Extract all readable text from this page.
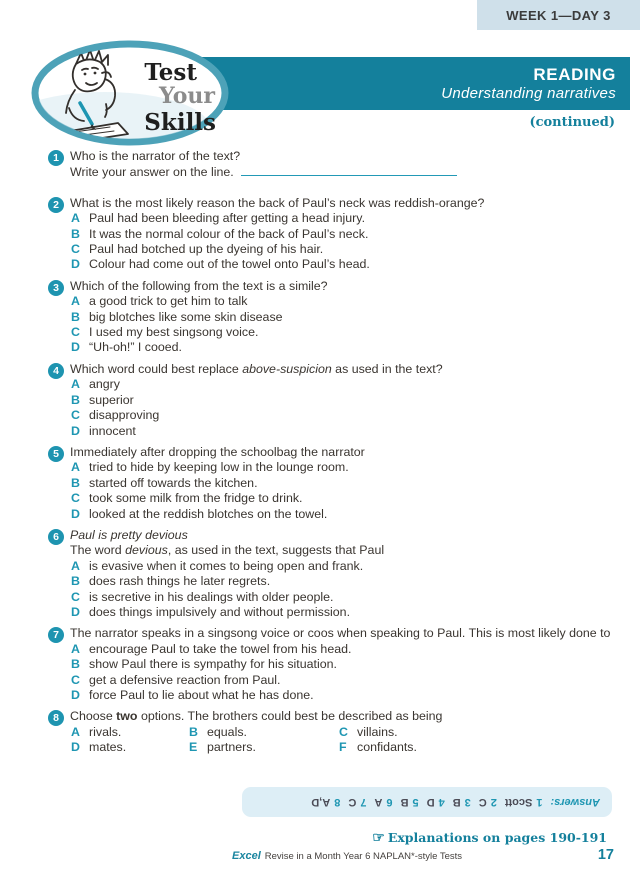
WEEK 1—DAY 3
READING
Understanding narratives
(continued)
Test
Your
Skills
1 Who is the narrator of the text?
Write your answer on the line.
2 What is the most likely reason the back of Paul’s neck was reddish-orange?
A Paul had been bleeding after getting a head injury.
B It was the normal colour of the back of Paul’s neck.
C Paul had botched up the dyeing of his hair.
D Colour had come out of the towel onto Paul’s head.
3 Which of the following from the text is a simile?
A a good trick to get him to talk
B big blotches like some skin disease
C I used my best singsong voice.
D “Uh-oh!” I cooed.
4 Which word could best replace above-suspicion as used in the text?
A angry
B superior
C disapproving
D innocent
5 Immediately after dropping the schoolbag the narrator
A tried to hide by keeping low in the lounge room.
B started off towards the kitchen.
C took some milk from the fridge to drink.
D looked at the reddish blotches on the towel.
6 Paul is pretty devious
The word devious, as used in the text, suggests that Paul
A is evasive when it comes to being open and frank.
B does rash things he later regrets.
C is secretive in his dealings with older people.
D does things impulsively and without permission.
7 The narrator speaks in a singsong voice or coos when speaking to Paul. This is most likely done to
A encourage Paul to take the towel from his head.
B show Paul there is sympathy for his situation.
C get a defensive reaction from Paul.
D force Paul to lie about what he has done.
8 Choose two options. The brothers could best be described as being
A rivals.	B equals.	C villains.
D mates.	E partners.	F confidants.
Answers:
1
Scott
2
C
3
B
4
D
5
B
6
A
7
C
8
A,D
☞ Explanations on pages 190-191
Excel Revise in a Month Year 6 NAPLAN*-style Tests	17
